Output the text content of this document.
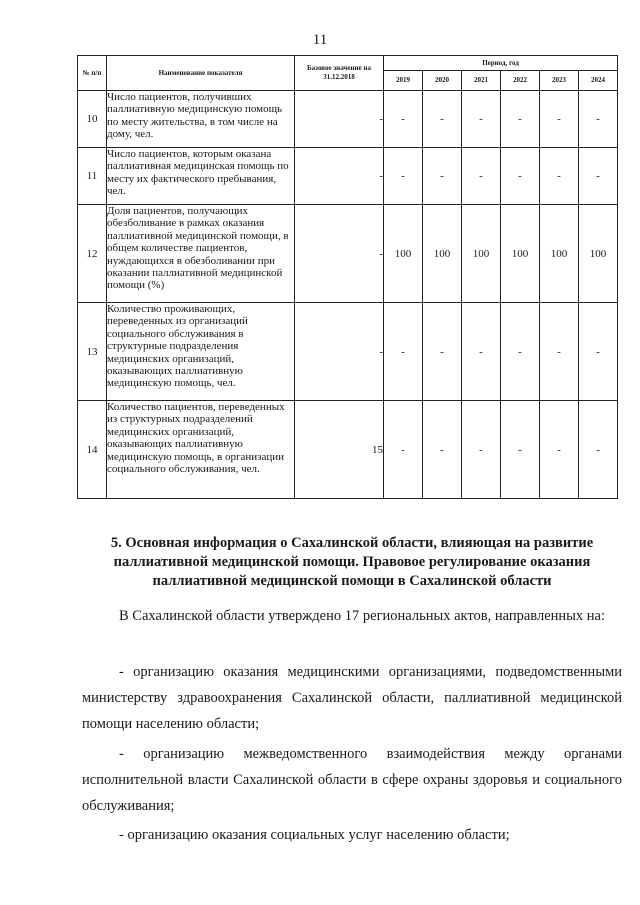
11
№ п/п	Наименование показателя	Базовое значение на 31.12.2018	Период, год					
			2019	2020	2021	2022	2023	2024
10	Число пациентов, получивших паллиативную медицинскую помощь по месту жительства, в том числе на дому, чел.	-	-	-	-	-	-	-
11	Число пациентов, которым оказана паллиативная медицинская помощь по месту их фактического пребывания, чел.	-	-	-	-	-	-	-
12	Доля пациентов, получающих обезболивание в рамках оказания паллиативной медицинской помощи, в общем количестве пациентов, нуждающихся в обезболивании при оказании паллиативной медицинской помощи (%)	-	100	100	100	100	100	100
13	Количество проживающих, переведенных из организаций социального обслуживания в структурные подразделения медицинских организаций, оказывающих паллиативную медицинскую помощь, чел.	-	-	-	-	-	-	-
14	Количество пациентов, переведенных из структурных подразделений медицинских организаций, оказывающих паллиативную медицинскую помощь, в организации социального обслуживания, чел.	15	-	-	-	-	-	-
5. Основная информация о Сахалинской области, влияющая на развитие паллиативной медицинской помощи. Правовое регулирование оказания паллиативной медицинской помощи в Сахалинской области
В Сахалинской области утверждено 17 региональных актов, направленных на:
- организацию оказания медицинскими организациями, подведомственными министерству здравоохранения Сахалинской области, паллиативной медицинской помощи населению области;
- организацию межведомственного взаимодействия между органами исполнительной власти Сахалинской области в сфере охраны здоровья и социального обслуживания;
- организацию оказания социальных услуг населению области;
